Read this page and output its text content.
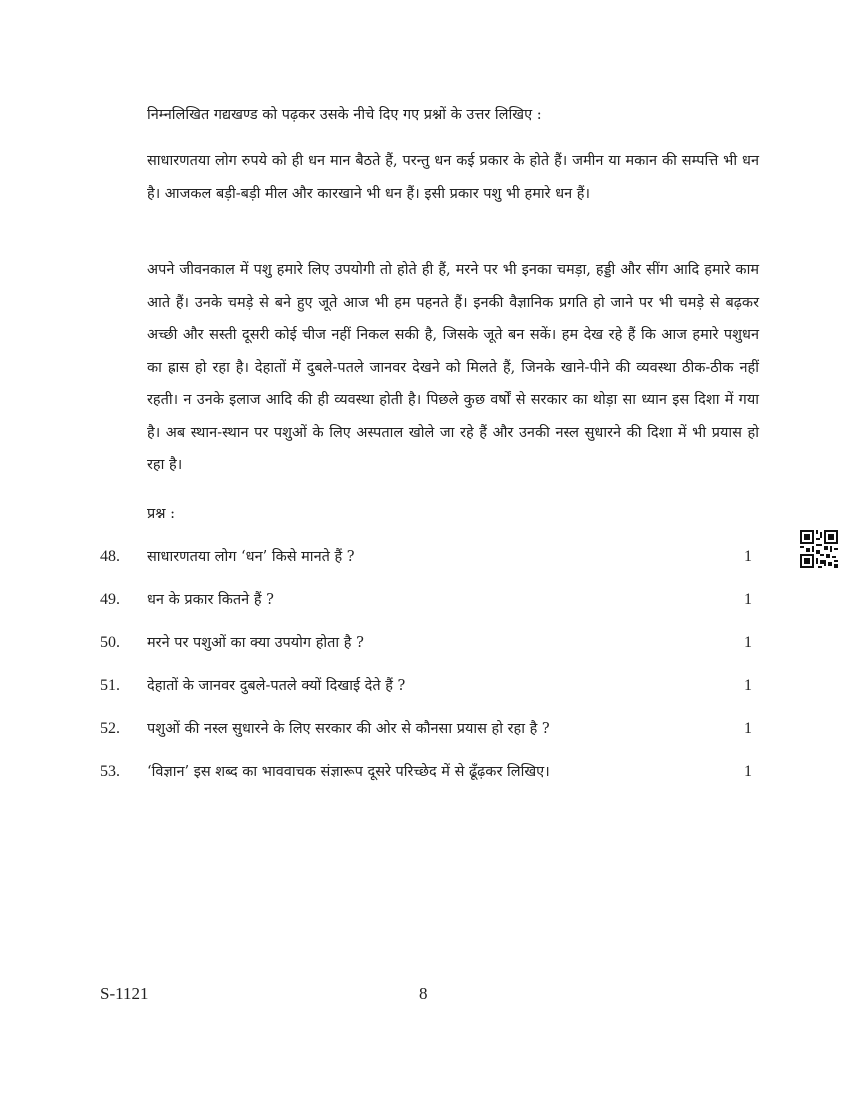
निम्नलिखित गद्यखण्ड को पढ़कर उसके नीचे दिए गए प्रश्नों के उत्तर लिखिए :
साधारणतया लोग रुपये को ही धन मान बैठते हैं, परन्तु धन कई प्रकार के होते हैं। जमीन या मकान की सम्पत्ति भी धन है। आजकल बड़ी-बड़ी मील और कारखाने भी धन हैं। इसी प्रकार पशु भी हमारे धन हैं।
अपने जीवनकाल में पशु हमारे लिए उपयोगी तो होते ही हैं, मरने पर भी इनका चमड़ा, हड्डी और सींग आदि हमारे काम आते हैं। उनके चमड़े से बने हुए जूते आज भी हम पहनते हैं। इनकी वैज्ञानिक प्रगति हो जाने पर भी चमड़े से बढ़कर अच्छी और सस्ती दूसरी कोई चीज नहीं निकल सकी है, जिसके जूते बन सकें। हम देख रहे हैं कि आज हमारे पशुधन का ह्रास हो रहा है। देहातों में दुबले-पतले जानवर देखने को मिलते हैं, जिनके खाने-पीने की व्यवस्था ठीक-ठीक नहीं रहती। न उनके इलाज आदि की ही व्यवस्था होती है। पिछले कुछ वर्षों से सरकार का थोड़ा सा ध्यान इस दिशा में गया है। अब स्थान-स्थान पर पशुओं के लिए अस्पताल खोले जा रहे हैं और उनकी नस्ल सुधारने की दिशा में भी प्रयास हो रहा है।
प्रश्न :
48. साधारणतया लोग ‘धन’ किसे मानते हैं ?	1
49. धन के प्रकार कितने हैं ?	1
50. मरने पर पशुओं का क्या उपयोग होता है ?	1
51. देहातों के जानवर दुबले-पतले क्यों दिखाई देते हैं ?	1
52. पशुओं की नस्ल सुधारने के लिए सरकार की ओर से कौनसा प्रयास हो रहा है ?	1
53. ‘विज्ञान’ इस शब्द का भाववाचक संज्ञारूप दूसरे परिच्छेद में से ढूँढ़कर लिखिए।	1
S-1121	8
